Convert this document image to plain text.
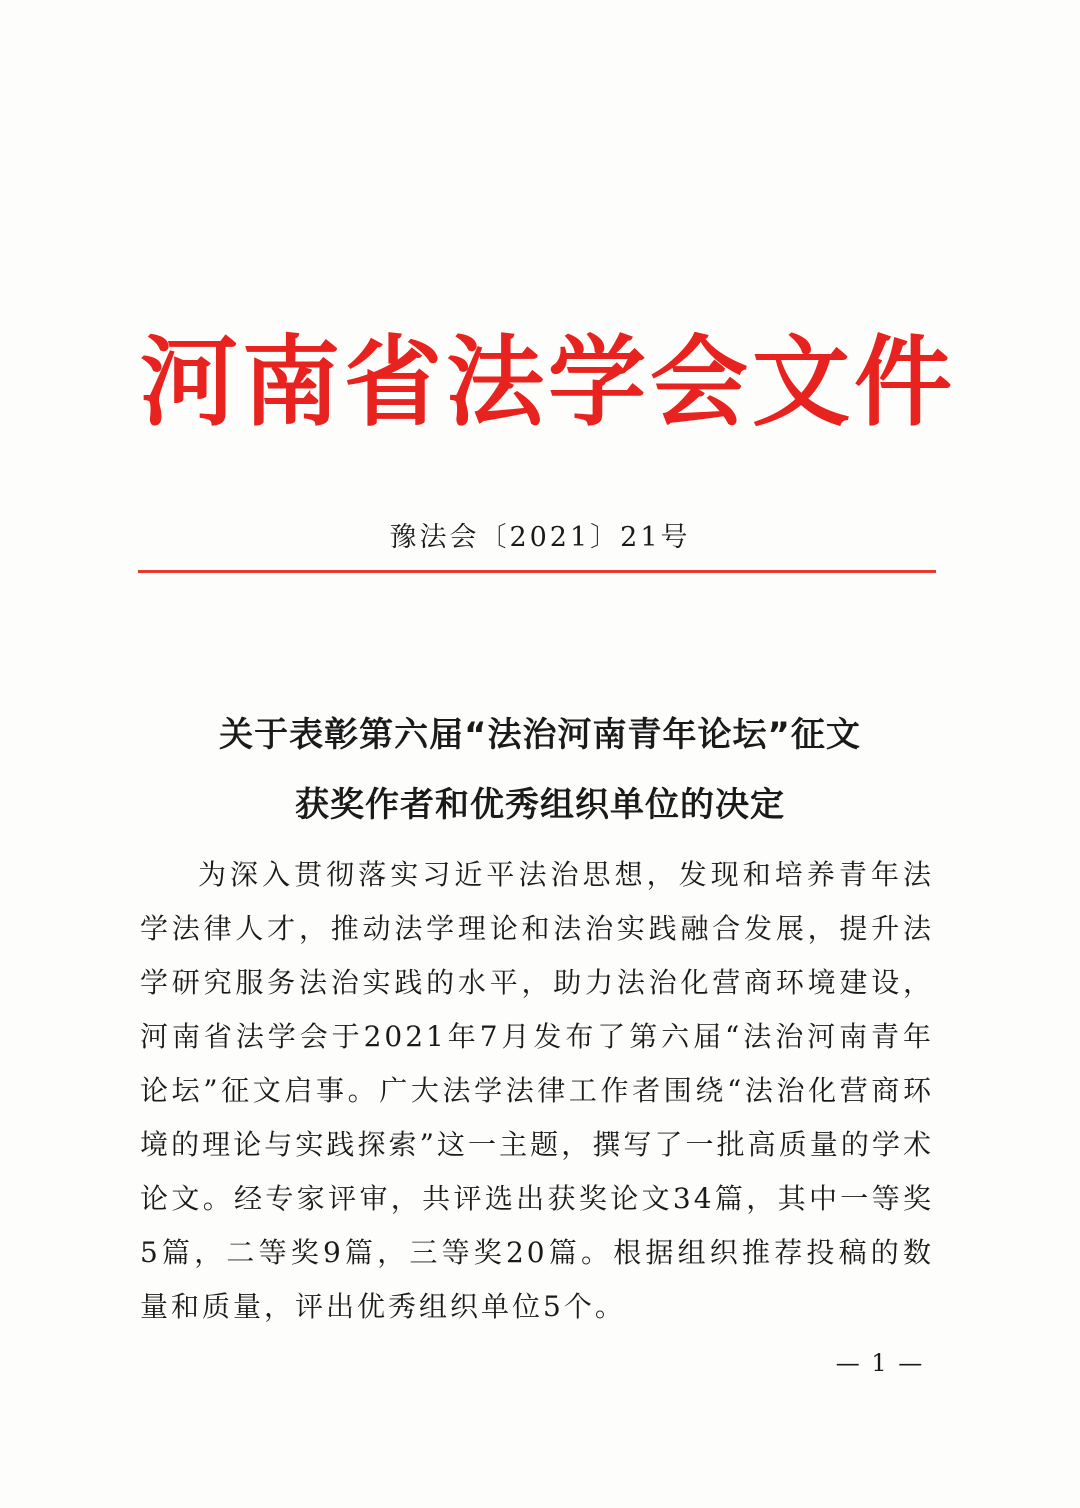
河南省法学会文件
豫法会〔2021〕21号
关于表彰第六届“法治河南青年论坛”征文
获奖作者和优秀组织单位的决定
为深入贯彻落实习近平法治思想，发现和培养青年法学法律人才，推动法学理论和法治实践融合发展，提升法学研究服务法治实践的水平，助力法治化营商环境建设，河南省法学会于2021年7月发布了第六届“法治河南青年论坛”征文启事。广大法学法律工作者围绕“法治化营商环境的理论与实践探索”这一主题，撰写了一批高质量的学术论文。经专家评审，共评选出获奖论文34篇，其中一等奖5篇，二等奖9篇，三等奖20篇。根据组织推荐投稿的数量和质量，评出优秀组织单位5个。
— 1 —
